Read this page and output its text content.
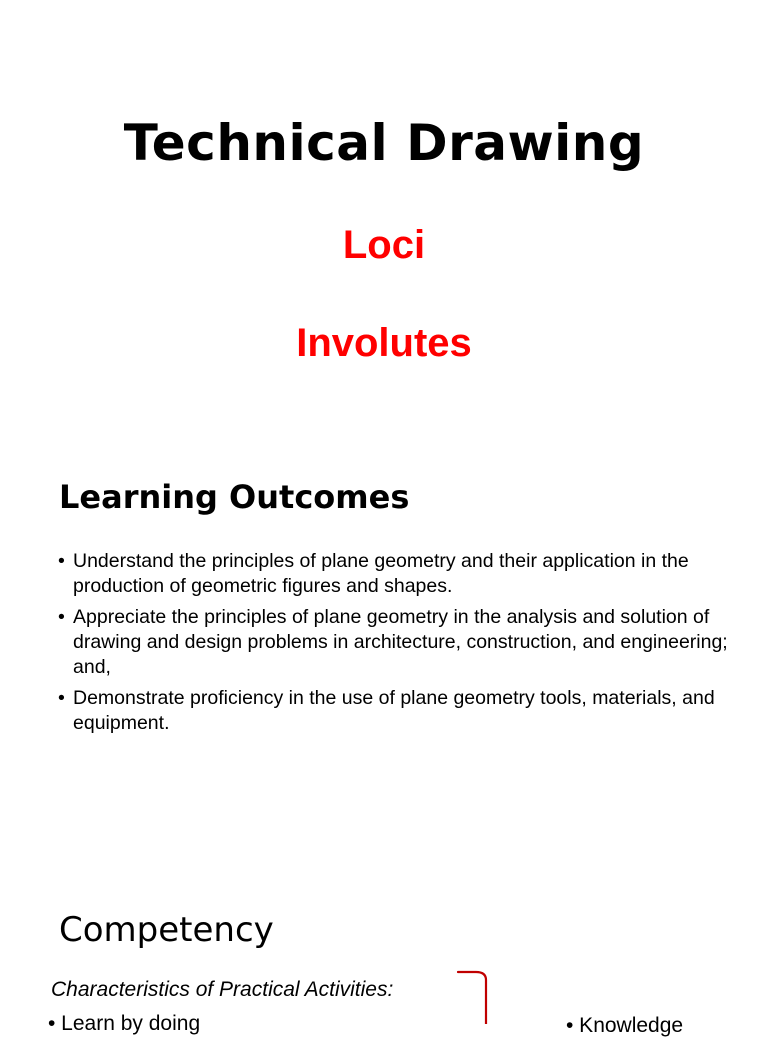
Technical Drawing
Loci
Involutes
Learning Outcomes
• Understand the principles of plane geometry and their application in the production of geometric figures and shapes.
• Appreciate the principles of plane geometry in the analysis and solution of drawing and design problems in architecture, construction, and engineering; and,
• Demonstrate proficiency in the use of plane geometry tools, materials, and equipment.
Competency
Characteristics of Practical Activities:
• Learn by doing	• Knowledge
